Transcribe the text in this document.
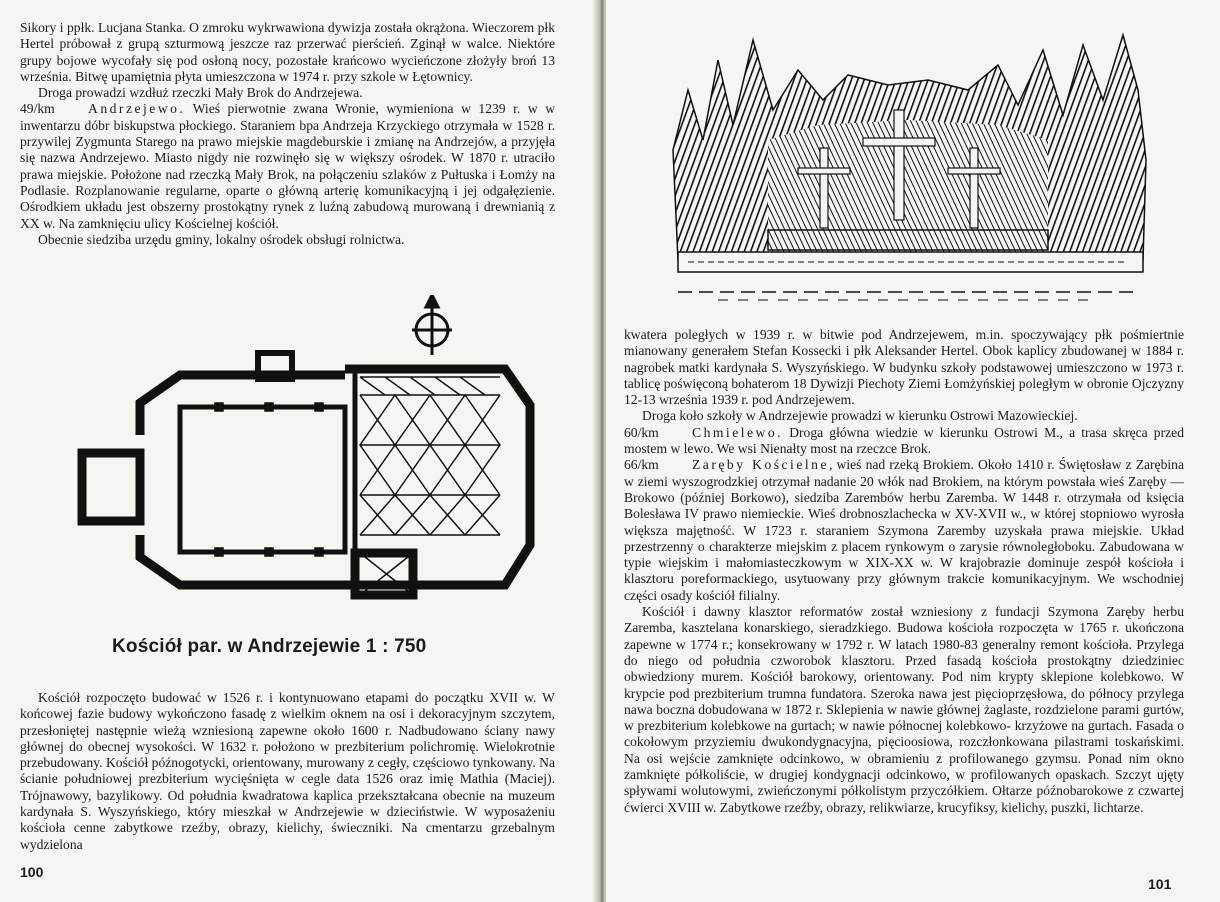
Sikory i ppłk. Lucjana Stanka. O zmroku wykrwawiona dywizja została okrążona. Wieczorem płk Hertel próbował z grupą szturmową jeszcze raz przerwać pierścień. Zginął w walce. Niektóre grupy bojowe wycofały się pod osłoną nocy, pozostałe krańcowo wycieńczone złożyły broń 13 września. Bitwę upamiętnia płyta umieszczona w 1974 r. przy szkole w Łętownicy.

Droga prowadzi wzdłuż rzeczki Mały Brok do Andrzejewa.

49/km Andrzejewo. Wieś pierwotnie zwana Wronie, wymieniona w 1239 r. w w inwentarzu dóbr biskupstwa płockiego. Staraniem bpa Andrzeja Krzyckiego otrzymała w 1528 r. przywilej Zygmunta Starego na prawo miejskie magdeburskie i zmianę na Andrzejów, a przyjęła się nazwa Andrzejewo. Miasto nigdy nie rozwinęło się w większy ośrodek. W 1870 r. utraciło prawa miejskie. Położone nad rzeczką Mały Brok, na połączeniu szlaków z Pułtuska i Łomży na Podlasie. Rozplanowanie regularne, oparte o główną arterię komunikacyjną i jej odgałęzienie. Ośrodkiem układu jest obszerny prostokątny rynek z luźną zabudową murowaną i drewnianią z XX w. Na zamknięciu ulicy Kościelnej kościół.

Obecnie siedziba urzędu gminy, lokalny ośrodek obsługi rolnictwa.

Kościół par. w Andrzejewie 1 : 750

Kościół rozpoczęto budować w 1526 r. i kontynuowano etapami do początku XVII w. W końcowej fazie budowy wykończono fasadę z wielkim oknem na osi i dekoracyjnym szczytem, przesłoniętej następnie wieżą wzniesioną zapewne około 1600 r. Nadbudowano ściany nawy głównej do obecnej wysokości. W 1632 r. położono w prezbiterium polichromię. Wielokrotnie przebudowany. Kościół późnogotycki, orientowany, murowany z cegły, częściowo tynkowany. Na ścianie południowej prezbiterium wycięśnięta w cegle data 1526 oraz imię Mathia (Maciej). Trójnawowy, bazylikowy. Od południa kwadratowa kaplica przekształcana obecnie na muzeum kardynała S. Wyszyńskiego, który mieszkał w Andrzejewie w dzieciństwie. W wyposażeniu kościoła cenne zabytkowe rzeźby, obrazy, kielichy, świeczniki. Na cmentarzu grzebalnym wydzielona

100

kwatera poległych w 1939 r. w bitwie pod Andrzejewem, m.in. spoczywający płk pośmiertnie mianowany generałem Stefan Kossecki i płk Aleksander Hertel. Obok kaplicy zbudowanej w 1884 r. nagrobek matki kardynała S. Wyszyńskiego. W budynku szkoły podstawowej umieszczono w 1973 r. tablicę poświęconą bohaterom 18 Dywizji Piechoty Ziemi Łomżyńskiej poległym w obronie Ojczyzny 12-13 września 1939 r. pod Andrzejewem.

Droga koło szkoły w Andrzejewie prowadzi w kierunku Ostrowi Mazowieckiej.

60/km Chmielewo. Droga główna wiedzie w kierunku Ostrowi M., a trasa skręca przed mostem w lewo. We wsi Nienałty most na rzeczce Brok.

66/km Zaręby Kościelne, wieś nad rzeką Brokiem. Około 1410 r. Świętosław z Zarębina w ziemi wyszogrodzkiej otrzymał nadanie 20 włók nad Brokiem, na którym powstała wieś Zaręby — Brokowo (później Borkowo), siedziba Zarembów herbu Zaremba. W 1448 r. otrzymała od księcia Bolesława IV prawo niemieckie. Wieś drobnoszlachecka w XV-XVII w., w której stopniowo wyrosła większa majętność. W 1723 r. staraniem Szymona Zaremby uzyskała prawa miejskie. Układ przestrzenny o charakterze miejskim z placem rynkowym o zarysie równoległoboku. Zabudowana w typie wiejskim i małomiasteczkowym w XIX-XX w. W krajobrazie dominuje zespół kościoła i klasztoru poreformackiego, usytuowany przy głównym trakcie komunikacyjnym. We wschodniej części osady kościół filialny.

Kościół i dawny klasztor reformatów został wzniesiony z fundacji Szymona Zaręby herbu Zaremba, kasztelana konarskiego, sieradzkiego. Budowa kościoła rozpoczęta w 1765 r. ukończona zapewne w 1774 r.; konsekrowany w 1792 r. W latach 1980-83 generalny remont kościoła. Przylega do niego od południa czworobok klasztoru. Przed fasadą kościoła prostokątny dziedziniec obwiedziony murem. Kościół barokowy, orientowany. Pod nim krypty sklepione kolebkowo. W krypcie pod prezbiterium trumna fundatora. Szeroka nawa jest pięcioprzęsłowa, do północy przylega nawa boczna dobudowana w 1872 r. Sklepienia w nawie głównej żaglaste, rozdzielone parami gurtów, w prezbiterium kolebkowe na gurtach; w nawie północnej kolebkowo- krzyżowe na gurtach. Fasada o cokołowym przyziemiu dwukondygnacyjna, pięcioosiowa, rozczłonkowana pilastrami toskańskimi. Na osi wejście zamknięte odcinkowo, w obramieniu z profilowanego gzymsu. Ponad nim okno zamknięte półkoliście, w drugiej kondygnacji odcinkowo, w profilowanych opaskach. Szczyt ujęty spływami wolutowymi, zwieńczonymi półkolistym przyczółkiem. Ołtarze późnobarokowe z czwartej ćwierci XVIII w. Zabytkowe rzeźby, obrazy, relikwiarze, krucyfiksy, kielichy, puszki, lichtarze.

101
